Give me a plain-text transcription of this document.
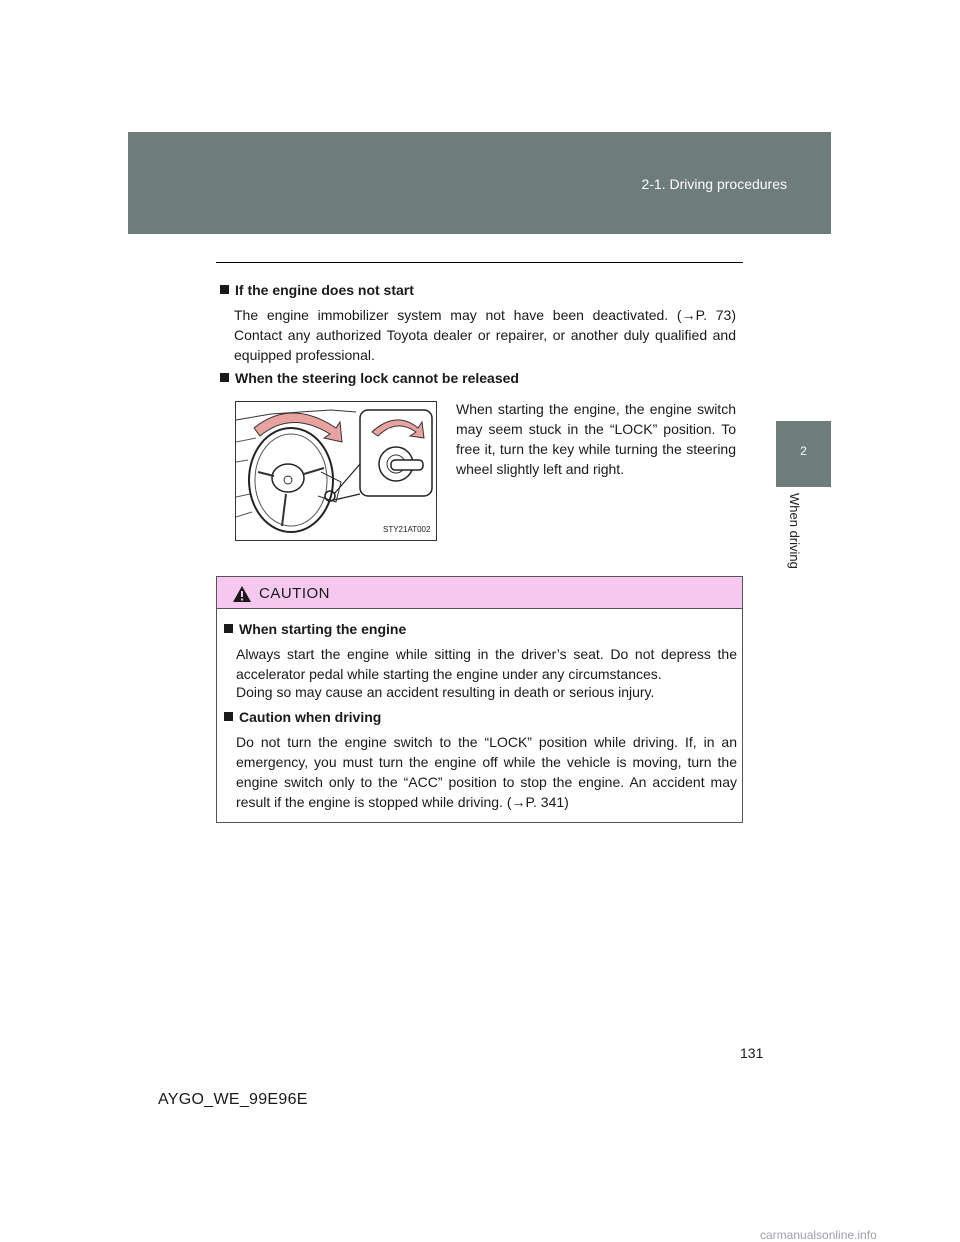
2-1. Driving procedures
2
When driving
If the engine does not start
The engine immobilizer system may not have been deactivated. (→P. 73) Contact any authorized Toyota dealer or repairer, or another duly qualified and equipped professional.
When the steering lock cannot be released
STY21AT002
When starting the engine, the engine switch may seem stuck in the “LOCK” position. To free it, turn the key while turning the steering wheel slightly left and right.
CAUTION
When starting the engine
Always start the engine while sitting in the driver’s seat. Do not depress the accelerator pedal while starting the engine under any circumstances.
Doing so may cause an accident resulting in death or serious injury.
Caution when driving
Do not turn the engine switch to the “LOCK” position while driving. If, in an emergency, you must turn the engine off while the vehicle is moving, turn the engine switch only to the “ACC” position to stop the engine. An accident may result if the engine is stopped while driving. (→P. 341)
131
AYGO_WE_99E96E
carmanualsonline.info
